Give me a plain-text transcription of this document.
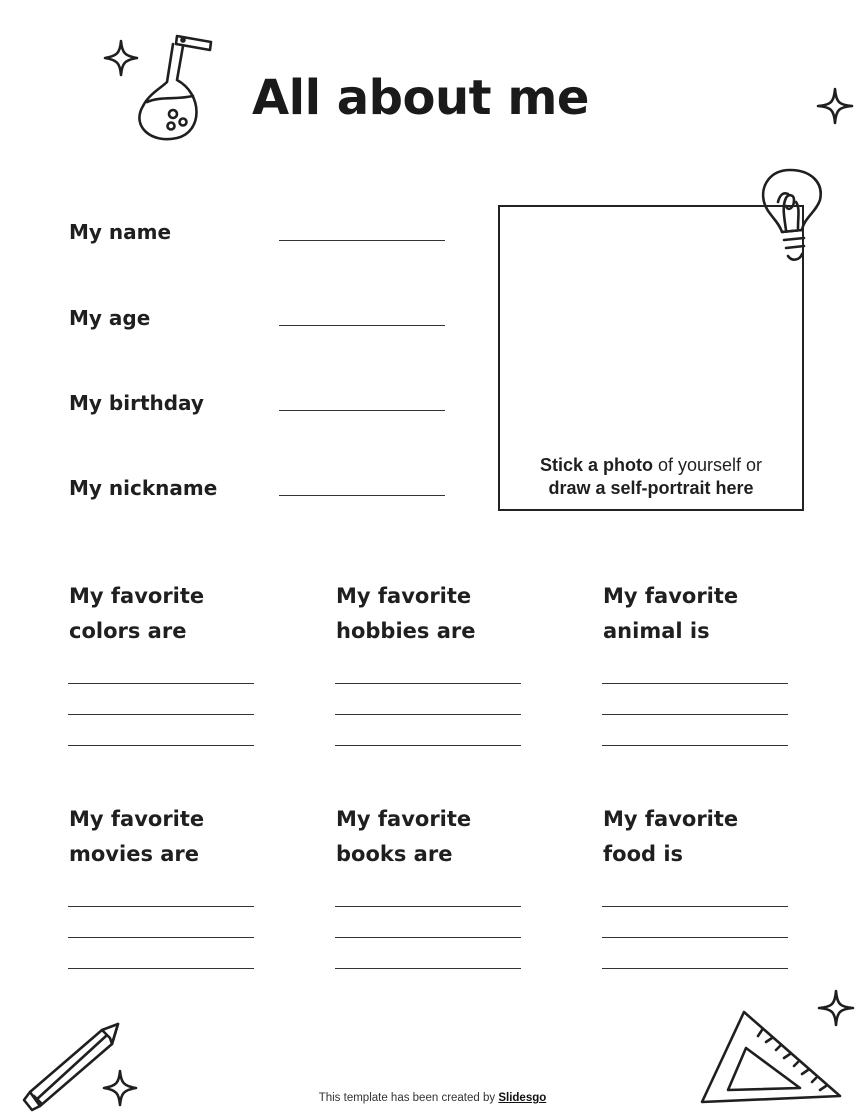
All about me
My name
My age
My birthday
My nickname
Stick a photo of yourself or
draw a self-portrait here
My favorite
colors are
My favorite
hobbies are
My favorite
animal is
My favorite
movies are
My favorite
books are
My favorite
food is
This template has been created by Slidesgo
